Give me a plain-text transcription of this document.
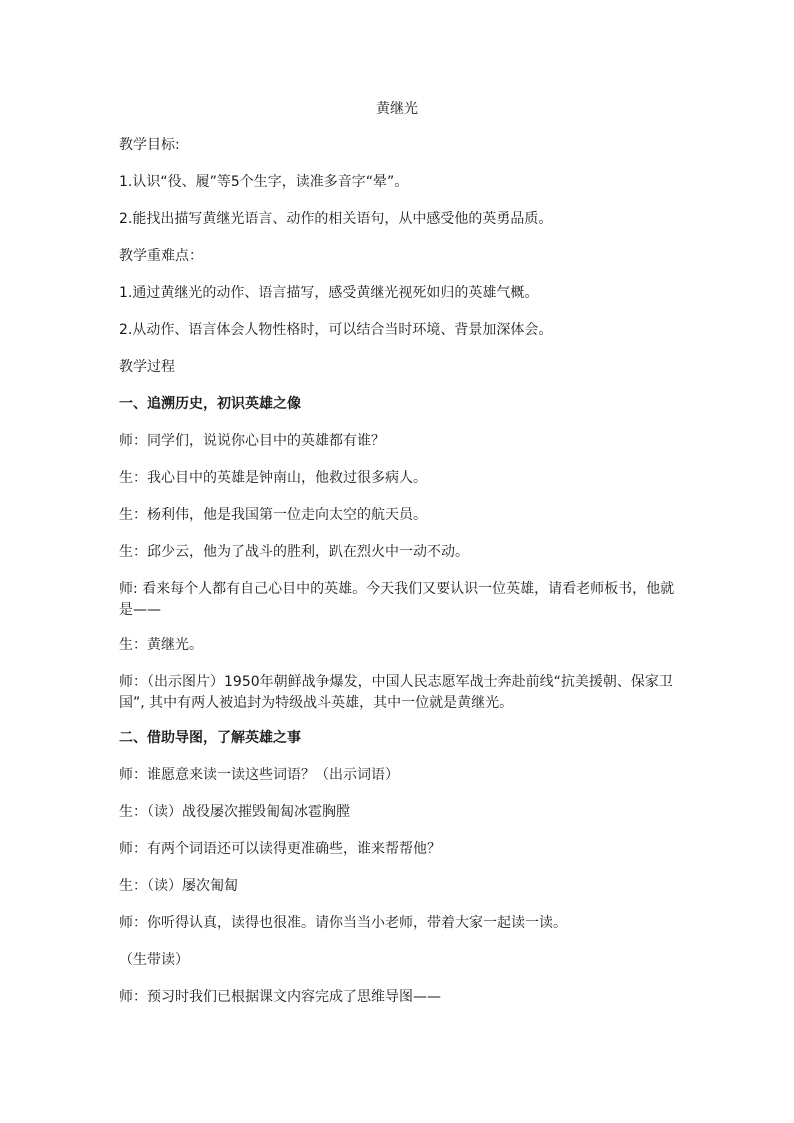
黄继光

教学目标:

1.认识“役、履”等5个生字，读准多音字“晕”。

2.能找出描写黄继光语言、动作的相关语句，从中感受他的英勇品质。

教学重难点：

1.通过黄继光的动作、语言描写，感受黄继光视死如归的英雄气概。

2.从动作、语言体会人物性格时，可以结合当时环境、背景加深体会。

教学过程

一、追溯历史，初识英雄之像

师：同学们，说说你心目中的英雄都有谁？

生：我心目中的英雄是钟南山，他救过很多病人。

生：杨利伟，他是我国第一位走向太空的航天员。

生：邱少云，他为了战斗的胜利，趴在烈火中一动不动。

师: 看来每个人都有自己心目中的英雄。今天我们又要认识一位英雄，请看老师板书，他就是——

生：黄继光。

师：（出示图片）1950年朝鲜战争爆发，中国人民志愿军战士奔赴前线“抗美援朝、保家卫国”, 其中有两人被追封为特级战斗英雄，其中一位就是黄继光。

二、借助导图，了解英雄之事

师：谁愿意来读一读这些词语？（出示词语）

生：（读）战役屡次摧毁匍匐冰雹胸膛

师：有两个词语还可以读得更准确些，谁来帮帮他？

生：（读）屡次匍匐

师：你听得认真，读得也很准。请你当当小老师，带着大家一起读一读。

（生带读）

师：预习时我们已根据课文内容完成了思维导图——
